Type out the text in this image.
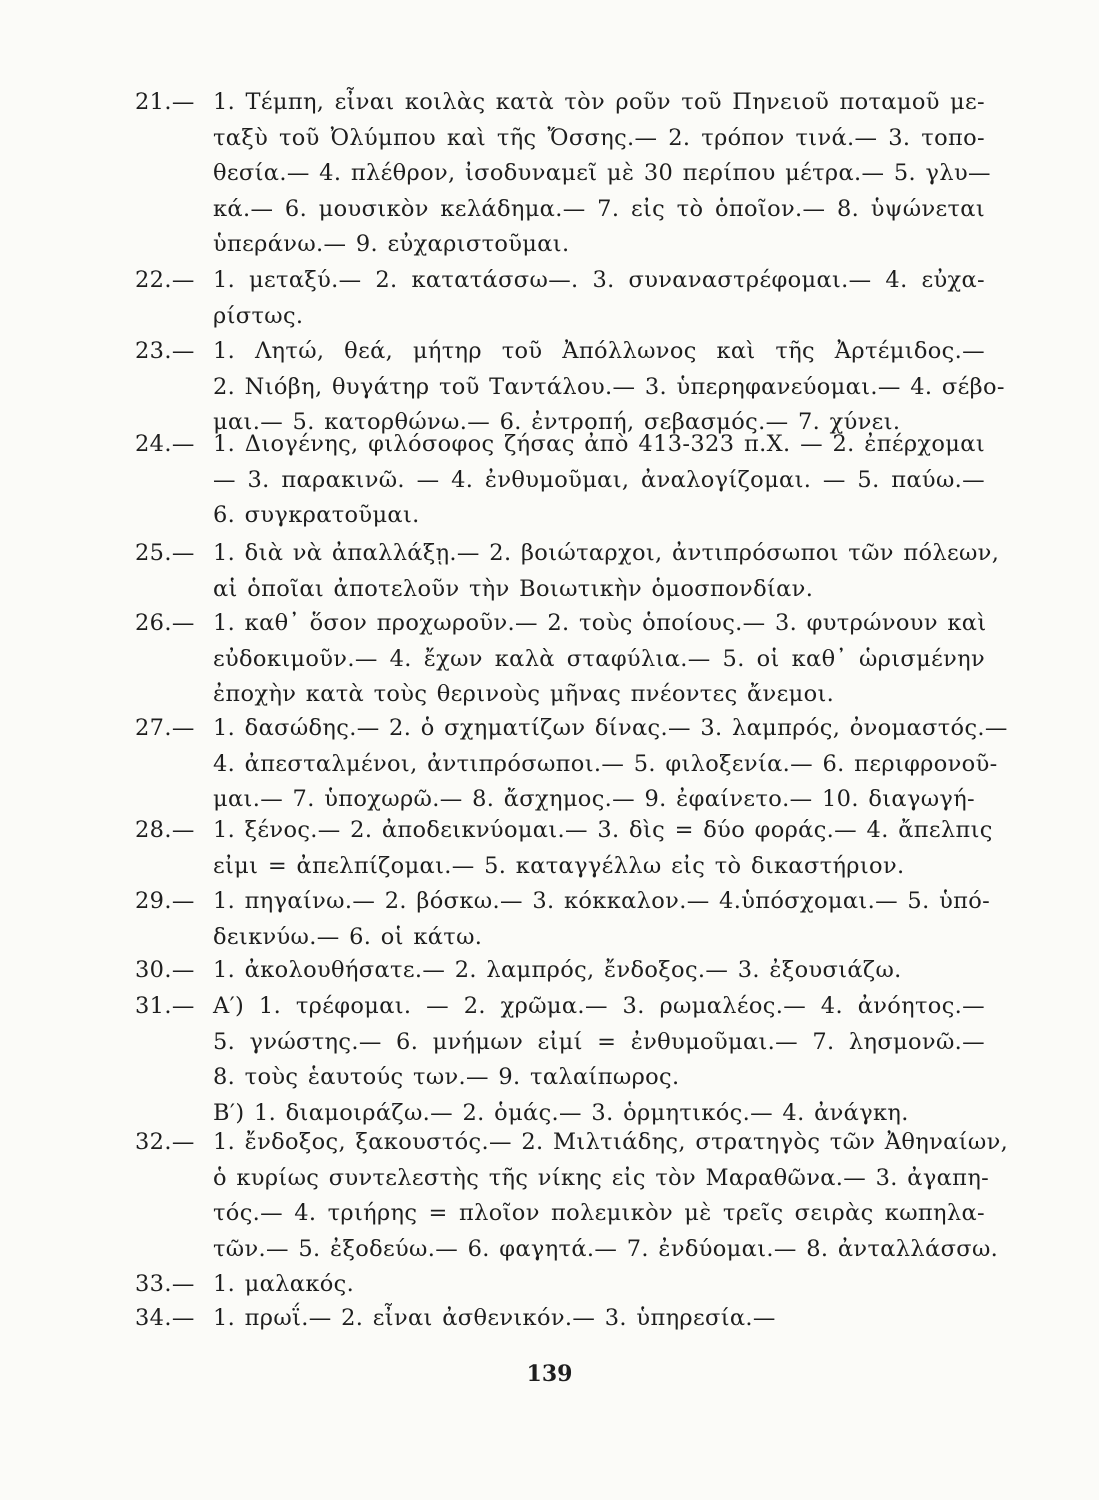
21.— 1. Τέμπη, εἶναι κοιλὰς κατὰ τὸν ροῦν τοῦ Πηνειοῦ ποταμοῦ με-
ταξὺ τοῦ Ὀλύμπου καὶ τῆς Ὄσσης.— 2. τρόπον τινά.— 3. τοπο-
θεσία.— 4. πλέθρον, ἰσοδυναμεῖ μὲ 30 περίπου μέτρα.— 5. γλυ—
κά.— 6. μουσικὸν κελάδημα.— 7. εἰς τὸ ὁποῖον.— 8. ὑψώνεται
ὑπεράνω.— 9. εὐχαριστοῦμαι.
22.— 1. μεταξύ.— 2. κατατάσσω—. 3. συναναστρέφομαι.— 4. εὐχα-
ρίστως.
23.— 1. Λητώ, θεά, μήτηρ τοῦ Ἀπόλλωνος καὶ τῆς Ἀρτέμιδος.—
2. Νιόβη, θυγάτηρ τοῦ Ταντάλου.— 3. ὑπερηφανεύομαι.— 4. σέβο-
μαι.— 5. κατορθώνω.— 6. ἐντροπή, σεβασμός.— 7. χύνει.
24.— 1. Διογένης, φιλόσοφος ζήσας ἀπὸ 413-323 π.Χ. — 2. ἐπέρχομαι
— 3. παρακινῶ. — 4. ἐνθυμοῦμαι, ἀναλογίζομαι. — 5. παύω.—
6. συγκρατοῦμαι.
25.— 1. διὰ νὰ ἀπαλλάξῃ.— 2. βοιώταρχοι, ἀντιπρόσωποι τῶν πόλεων,
αἱ ὁποῖαι ἀποτελοῦν τὴν Βοιωτικὴν ὁμοσπονδίαν.
26.— 1. καθ᾽ ὅσον προχωροῦν.— 2. τοὺς ὁποίους.— 3. φυτρώνουν καὶ
εὐδοκιμοῦν.— 4. ἔχων καλὰ σταφύλια.— 5. οἱ καθ᾽ ὡρισμένην
ἐποχὴν κατὰ τοὺς θερινοὺς μῆνας πνέοντες ἄνεμοι.
27.— 1. δασώδης.— 2. ὁ σχηματίζων δίνας.— 3. λαμπρός, ὀνομαστός.—
4. ἀπεσταλμένοι, ἀντιπρόσωποι.— 5. φιλοξενία.— 6. περιφρονοῦ-
μαι.— 7. ὑποχωρῶ.— 8. ἄσχημος.— 9. ἐφαίνετο.— 10. διαγωγή-
28.— 1. ξένος.— 2. ἀποδεικνύομαι.— 3. δὶς = δύο φοράς.— 4. ἄπελπις
εἰμι = ἀπελπίζομαι.— 5. καταγγέλλω εἰς τὸ δικαστήριον.
29.— 1. πηγαίνω.— 2. βόσκω.— 3. κόκκαλον.— 4.ὑπόσχομαι.— 5. ὑπό-
δεικνύω.— 6. οἱ κάτω.
30.— 1. ἀκολουθήσατε.— 2. λαμπρός, ἔνδοξος.— 3. ἐξουσιάζω.
31.— Α′) 1. τρέφομαι. — 2. χρῶμα.— 3. ρωμαλέος.— 4. ἀνόητος.—
5. γνώστης.— 6. μνήμων εἰμί = ἐνθυμοῦμαι.— 7. λησμονῶ.—
8. τοὺς ἑαυτούς των.— 9. ταλαίπωρος.
Β′) 1. διαμοιράζω.— 2. ὁμάς.— 3. ὁρμητικός.— 4. ἀνάγκη.
32.— 1. ἔνδοξος, ξακουστός.— 2. Μιλτιάδης, στρατηγὸς τῶν Ἀθηναίων,
ὁ κυρίως συντελεστὴς τῆς νίκης εἰς τὸν Μαραθῶνα.— 3. ἀγαπη-
τός.— 4. τριήρης = πλοῖον πολεμικὸν μὲ τρεῖς σειρὰς κωπηλα-
τῶν.— 5. ἐξοδεύω.— 6. φαγητά.— 7. ἐνδύομαι.— 8. ἀνταλλάσσω.
33.— 1. μαλακός.
34.— 1. πρωΐ.— 2. εἶναι ἀσθενικόν.— 3. ὑπηρεσία.—
139
